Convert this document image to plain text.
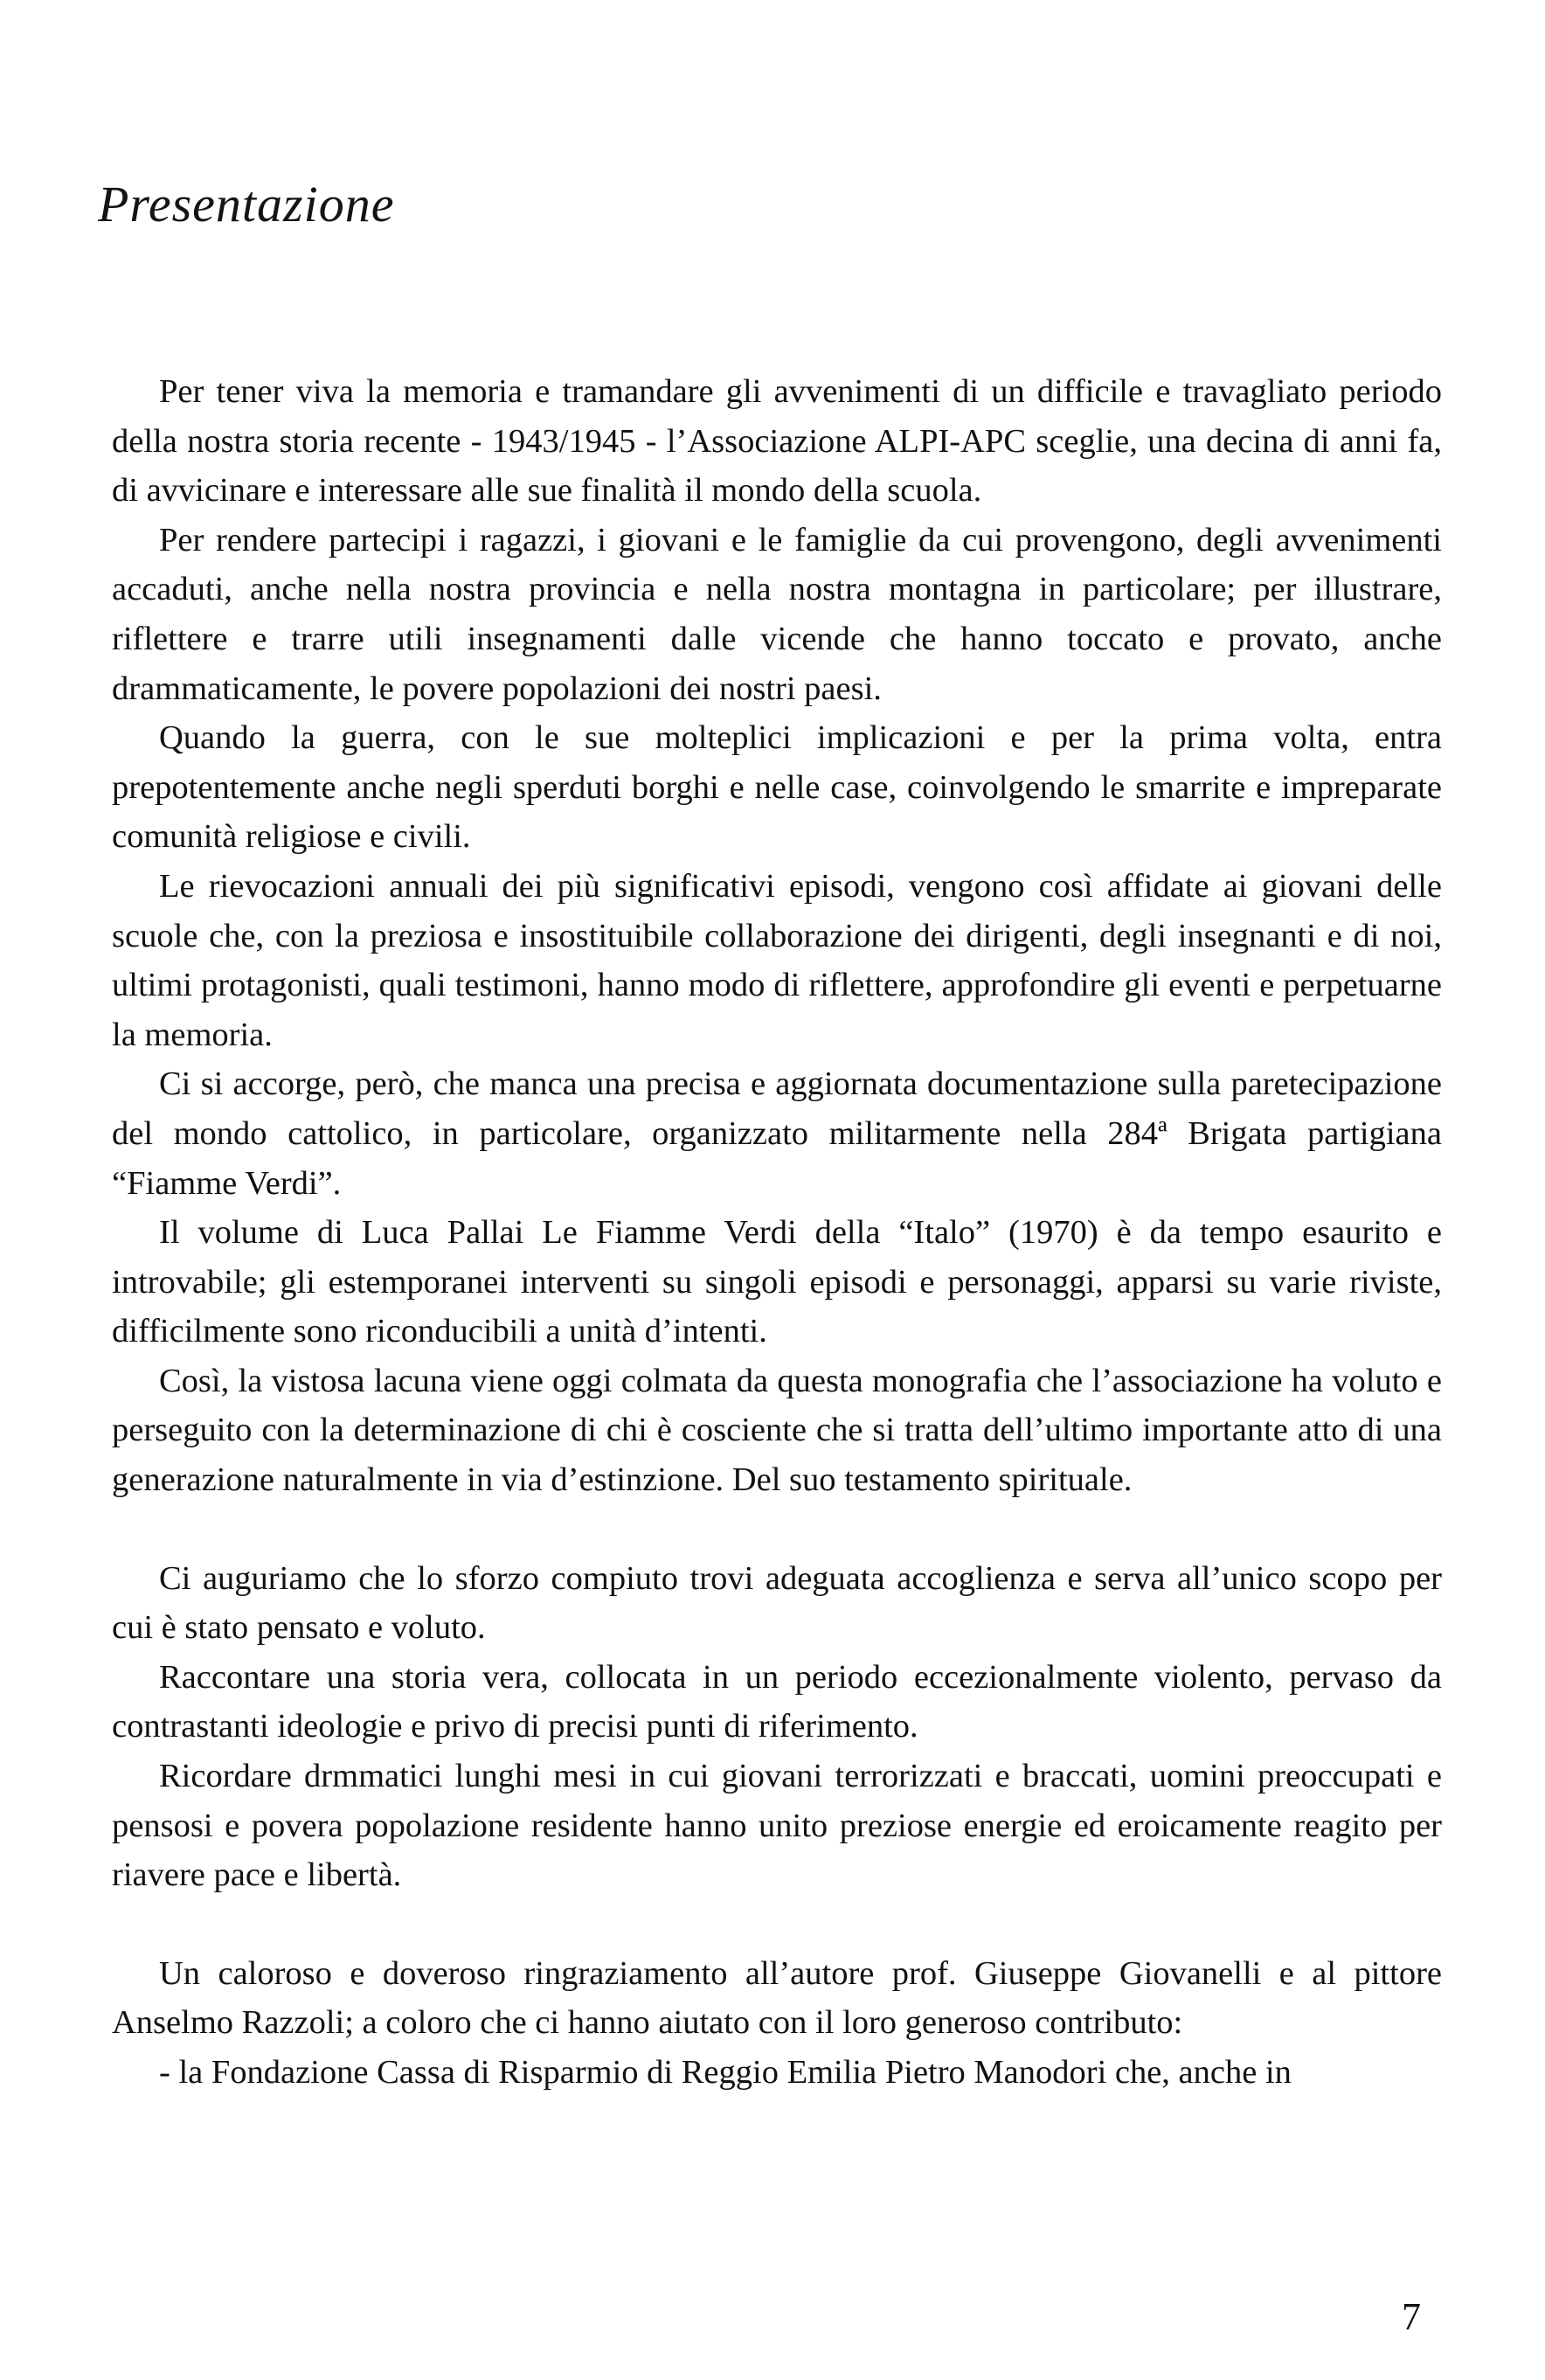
Presentazione

Per tener viva la memoria e tramandare gli avvenimenti di un difficile e travagliato periodo della nostra storia recente - 1943/1945 - l’Associazione ALPI-APC sceglie, una decina di anni fa, di avvicinare e interessare alle sue finalità il mondo della scuola.

Per rendere partecipi i ragazzi, i giovani e le famiglie da cui provengono, degli avvenimenti accaduti, anche nella nostra provincia e nella nostra montagna in particolare; per illustrare, riflettere e trarre utili insegnamenti dalle vicende che hanno toccato e provato, anche drammaticamente, le povere popolazioni dei nostri paesi.

Quando la guerra, con le sue molteplici implicazioni e per la prima volta, entra prepotentemente anche negli sperduti borghi e nelle case, coinvolgendo le smarrite e impreparate comunità religiose e civili.

Le rievocazioni annuali dei più significativi episodi, vengono così affidate ai giovani delle scuole che, con la preziosa e insostituibile collaborazione dei dirigenti, degli insegnanti e di noi, ultimi protagonisti, quali testimoni, hanno modo di riflettere, approfondire gli eventi e perpetuarne la memoria.

Ci si accorge, però, che manca una precisa e aggiornata documentazione sulla paretecipazione del mondo cattolico, in particolare, organizzato militarmente nella 284ª Brigata partigiana “Fiamme Verdi”.

Il volume di Luca Pallai Le Fiamme Verdi della “Italo” (1970) è da tempo esaurito e introvabile; gli estemporanei interventi su singoli episodi e personaggi, apparsi su varie riviste, difficilmente sono riconducibili a unità d’intenti.

Così, la vistosa lacuna viene oggi colmata da questa monografia che l’associazione ha voluto e perseguito con la determinazione di chi è cosciente che si tratta dell’ultimo importante atto di una generazione naturalmente in via d’estinzione. Del suo testamento spirituale.

Ci auguriamo che lo sforzo compiuto trovi adeguata accoglienza e serva all’unico scopo per cui è stato pensato e voluto.

Raccontare una storia vera, collocata in un periodo eccezionalmente violento, pervaso da contrastanti ideologie e privo di precisi punti di riferimento.

Ricordare drmmatici lunghi mesi in cui giovani terrorizzati e braccati, uomini preoccupati e pensosi e povera popolazione residente hanno unito preziose energie ed eroicamente reagito per riavere pace e libertà.

Un caloroso e doveroso ringraziamento all’autore prof. Giuseppe Giovanelli e al pittore Anselmo Razzoli; a coloro che ci hanno aiutato con il loro generoso contributo:

- la Fondazione Cassa di Risparmio di Reggio Emilia Pietro Manodori che, anche in

7
